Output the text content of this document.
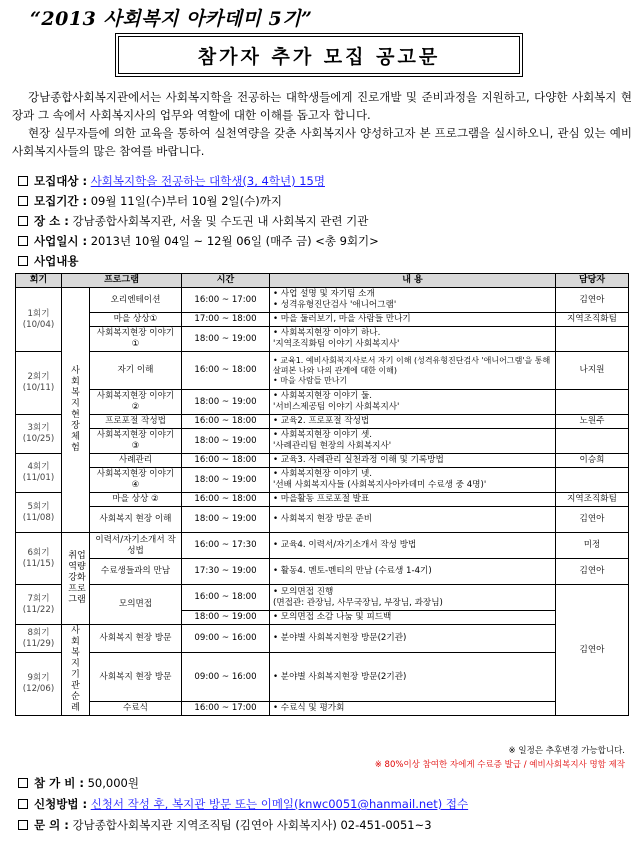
“2013 사회복지 아카데미 5기”
참가자 추가 모집 공고문

강남종합사회복지관에서는 사회복지학을 전공하는 대학생들에게 진로개발 및 준비과정을 지원하고, 다양한 사회복지 현장과 그 속에서 사회복지사의 업무와 역할에 대한 이해를 돕고자 합니다.

현장 실무자들에 의한 교육을 통하여 실천역량을 갖춘 사회복지사 양성하고자 본 프로그램을 실시하오니, 관심 있는 예비사회복지사들의 많은 참여를 바랍니다.

모집대상 : 사회복지학을 전공하는 대학생(3, 4학년) 15명
모집기간 : 09월 11일(수)부터 10월 2일(수)까지
장 소 : 강남종합사회복지관, 서울 및 수도권 내 사회복지 관련 기관
사업일시 : 2013년 10월 04일 ~ 12월 06일 (매주 금) <총 9회기>
사업내용
회기	프로그램		시간	내 용	담당자
1회기
(10/04)	사회복지현장체험	오리엔테이션	16:00 ~ 17:00	• 사업 설명 및 자기팀 소개
• 성격유형진단검사 '애니어그램'	김연아
		마을 상상①	17:00 ~ 18:00	• 마을 둘러보기, 마을 사람들 만나기	지역조직화팀
		사회복지현장 이야기①	18:00 ~ 19:00	• 사회복지현장 이야기 하나.
'지역조직화팀 이야기 사회복지사'	
2회기
(10/11)		자기 이해	16:00 ~ 18:00	• 교육1. 예비사회복지사로서 자기 이해 (성격유형진단검사 '애니어그램'을 통해 살펴본 나와 나의 관계에 대한 이해)
• 마을 사람들 만나기	나지원
		사회복지현장 이야기②	18:00 ~ 19:00	• 사회복지현장 이야기 둘.
'서비스제공팀 이야기 사회복지사'	
3회기
(10/25)		프로포절 작성법	16:00 ~ 18:00	• 교육2. 프로포절 작성법	노원주
		사회복지현장 이야기③	18:00 ~ 19:00	• 사회복지현장 이야기 셋.
'사례관리팀 현장의 사회복지사'	
4회기
(11/01)		사례관리	16:00 ~ 18:00	• 교육3. 사례관리 실천과정 이해 및 기록방법	이승희
		사회복지현장 이야기④	18:00 ~ 19:00	• 사회복지현장 이야기 넷.
'선배 사회복지사들 (사회복지사아카데미 수료생 중 4명)'	
5회기
(11/08)		마을 상상 ②	16:00 ~ 18:00	• 마을활동 프로포절 발표	지역조직화팀
		사회복지 현장 이해	18:00 ~ 19:00	• 사회복지 현장 방문 준비	김연아
6회기
(11/15)	취업역량강화프로그램	이력서/자기소개서 작성법	16:00 ~ 17:30	• 교육4. 이력서/자기소개서 작성 방법	미정
		수료생들과의 만남	17:30 ~ 19:00	• 활동4. 멘토-멘티의 만남 (수료생 1-4기)	김연아
7회기
(11/22)		모의면접	16:00 ~ 18:00	• 모의면접 진행
(면접관: 관장님, 사무국장님, 부장님, 과장님)	김연아
			18:00 ~ 19:00	• 모의면접 소감 나눔 및 피드백	
8회기
(11/29)	사회복지기관순례	사회복지 현장 방문	09:00 ~ 16:00	• 분야별 사회복지현장 방문(2기관)	
9회기
(12/06)		사회복지 현장 방문	09:00 ~ 16:00	• 분야별 사회복지현장 방문(2기관)	
		수료식	16:00 ~ 17:00	• 수료식 및 평가회	
※ 일정은 추후변경 가능합니다.
※ 80%이상 참여한 자에게 수료증 발급 / 예비사회복지사 명함 제작
참 가 비 : 50,000원
신청방법 : 신청서 작성 후, 복지관 방문 또는 이메일(knwc0051@hanmail.net) 접수
문 의 : 강남종합사회복지관 지역조직팀 (김연아 사회복지사) 02-451-0051~3
